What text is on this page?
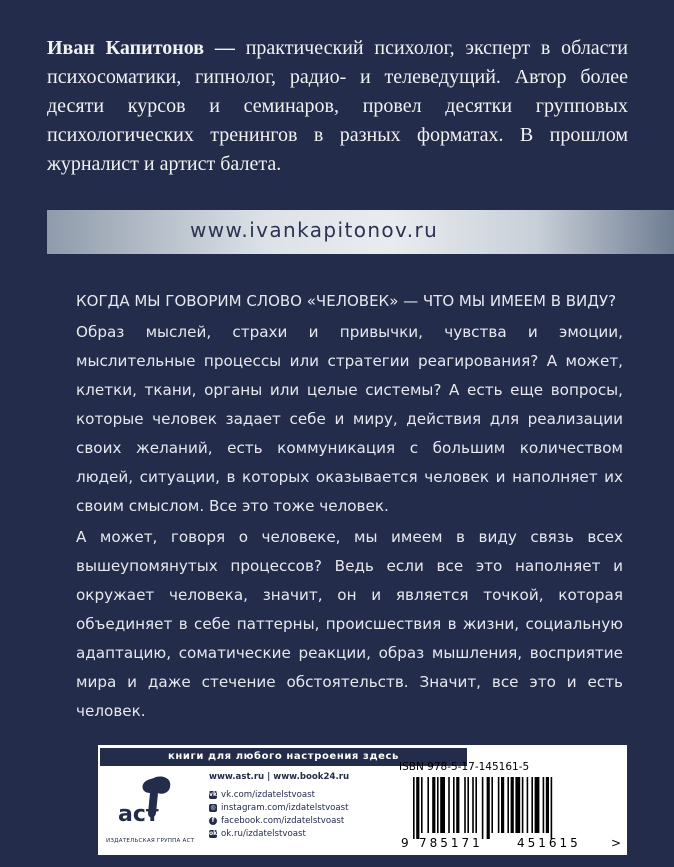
Иван Капитонов — практический психолог, эксперт в области психосоматики, гипнолог, радио- и телеведущий. Автор более десяти курсов и семинаров, провел десятки групповых психологических тренингов в разных форматах. В прошлом журналист и артист балета.
www.ivankapitonov.ru

КОГДА МЫ ГОВОРИМ СЛОВО «ЧЕЛОВЕК» — ЧТО МЫ ИМЕЕМ В ВИДУ?

Образ мыслей, страхи и привычки, чувства и эмоции, мыслительные процессы или стратегии реагирования? А может, клетки, ткани, органы или целые системы? А есть еще вопросы, которые человек задает себе и миру, действия для реализации своих желаний, есть коммуникация с большим количеством людей, ситуации, в которых оказывается человек и наполняет их своим смыслом. Все это тоже человек.

А может, говоря о человеке, мы имеем в виду связь всех вышеупомянутых процессов? Ведь если все это наполняет и окружает человека, значит, он и является точкой, которая объединяет в себе паттерны, происшествия в жизни, социальную адаптацию, соматические реакции, образ мышления, восприятие мира и даже стечение обстоятельств. Значит, все это и есть человек.

книги для любого настроения здесь
аст
ИЗДАТЕЛЬСКАЯ ГРУППА АСТ
www.ast.ru | www.book24.ru
vk vk.com/izdatelstvoast
◎ instagram.com/izdatelstvoast
f facebook.com/izdatelstvoast
ok ok.ru/izdatelstvoast
ISBN 978-5-17-145161-5
9 785171	451615	>
